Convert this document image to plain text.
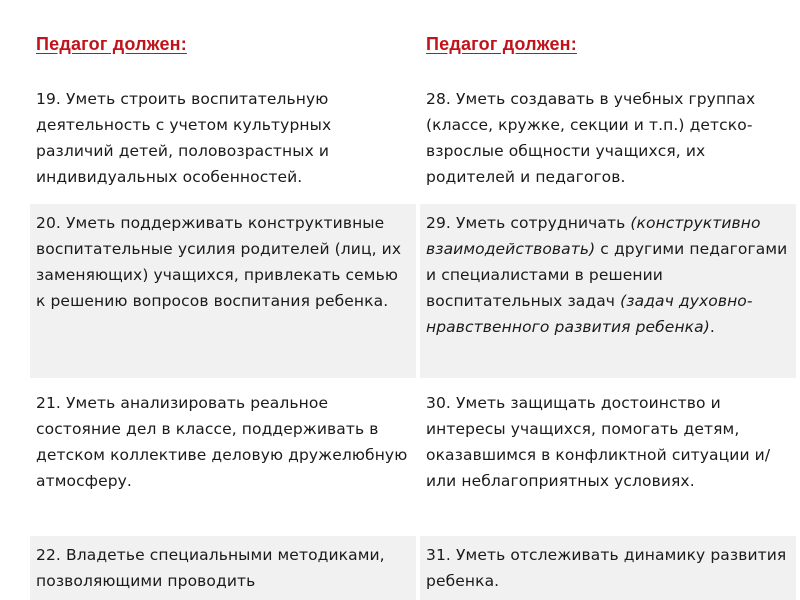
Педагог должен:
19. Уметь строить воспитательную деятельность с учетом культурных различий детей, половозрастных и индивидуальных особенностей.
20. Уметь поддерживать конструктивные воспитательные усилия родителей (лиц, их заменяющих) учащихся, привлекать семью к решению вопросов воспитания ребенка.
21. Уметь анализировать реальное состояние дел в классе, поддерживать в детском коллективе деловую дружелюбную атмосферу.
22. Владетье специальными методиками, позволяющими проводить
Педагог должен:
28. Уметь создавать в учебных группах (классе, кружке, секции и т.п.) детско-взрослые общности учащихся, их родителей и педагогов.
29. Уметь сотрудничать (конструктивно взаимодействовать) с другими педагогами и специалистами в решении воспитательных задач (задач духовно-нравственного развития ребенка).
30. Уметь защищать достоинство и интересы учащихся, помогать детям, оказавшимся в конфликтной ситуации и/или неблагоприятных условиях.
31. Уметь отслеживать динамику развития ребенка.
